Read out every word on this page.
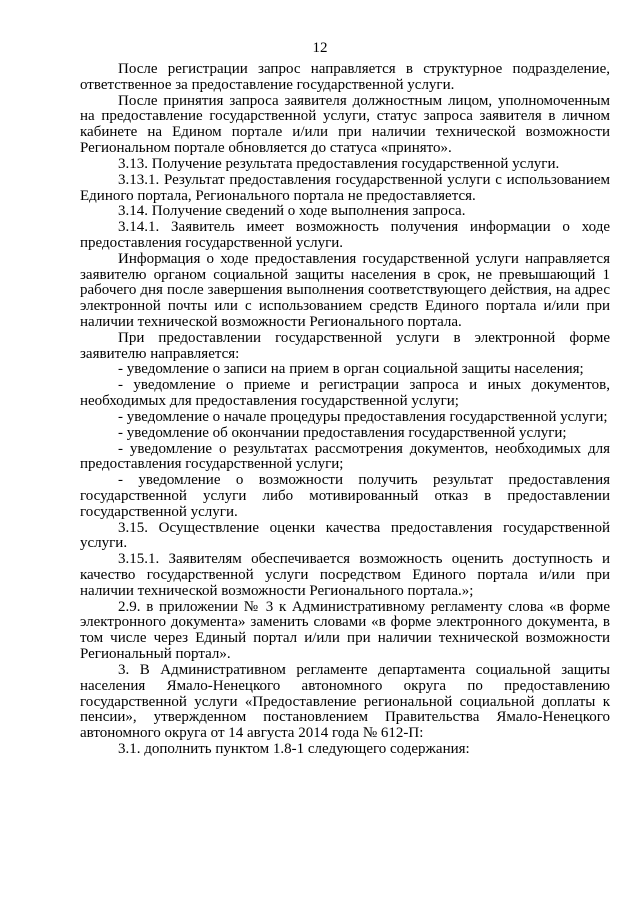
12

После регистрации запрос направляется в структурное подразделение, ответственное за предоставление государственной услуги.

После принятия запроса заявителя должностным лицом, уполномоченным на предоставление государственной услуги, статус запроса заявителя в личном кабинете на Едином портале и/или при наличии технической возможности Региональном портале обновляется до статуса «принято».

3.13. Получение результата предоставления государственной услуги.

3.13.1. Результат предоставления государственной услуги с использованием Единого портала, Регионального портала не предоставляется.

3.14. Получение сведений о ходе выполнения запроса.

3.14.1. Заявитель имеет возможность получения информации о ходе предоставления государственной услуги.

Информация о ходе предоставления государственной услуги направляется заявителю органом социальной защиты населения в срок, не превышающий 1 рабочего дня после завершения выполнения соответствующего действия, на адрес электронной почты или с использованием средств Единого портала и/или при наличии технической возможности Регионального портала.

При предоставлении государственной услуги в электронной форме заявителю направляется:

- уведомление о записи на прием в орган социальной защиты населения;

- уведомление о приеме и регистрации запроса и иных документов, необходимых для предоставления государственной услуги;

- уведомление о начале процедуры предоставления государственной услуги;

- уведомление об окончании предоставления государственной услуги;

- уведомление о результатах рассмотрения документов, необходимых для предоставления государственной услуги;

- уведомление о возможности получить результат предоставления государственной услуги либо мотивированный отказ в предоставлении государственной услуги.

3.15. Осуществление оценки качества предоставления государственной услуги.

3.15.1. Заявителям обеспечивается возможность оценить доступность и качество государственной услуги посредством Единого портала и/или при наличии технической возможности Регионального портала.»;

2.9. в приложении № 3 к Административному регламенту слова «в форме электронного документа» заменить словами «в форме электронного документа, в том числе через Единый портал и/или при наличии технической возможности Региональный портал».

3. В Административном регламенте департамента социальной защиты населения Ямало-Ненецкого автономного округа по предоставлению государственной услуги «Предоставление региональной социальной доплаты к пенсии», утвержденном постановлением Правительства Ямало-Ненецкого автономного округа от 14 августа 2014 года № 612-П:

3.1. дополнить пунктом 1.8-1 следующего содержания:
